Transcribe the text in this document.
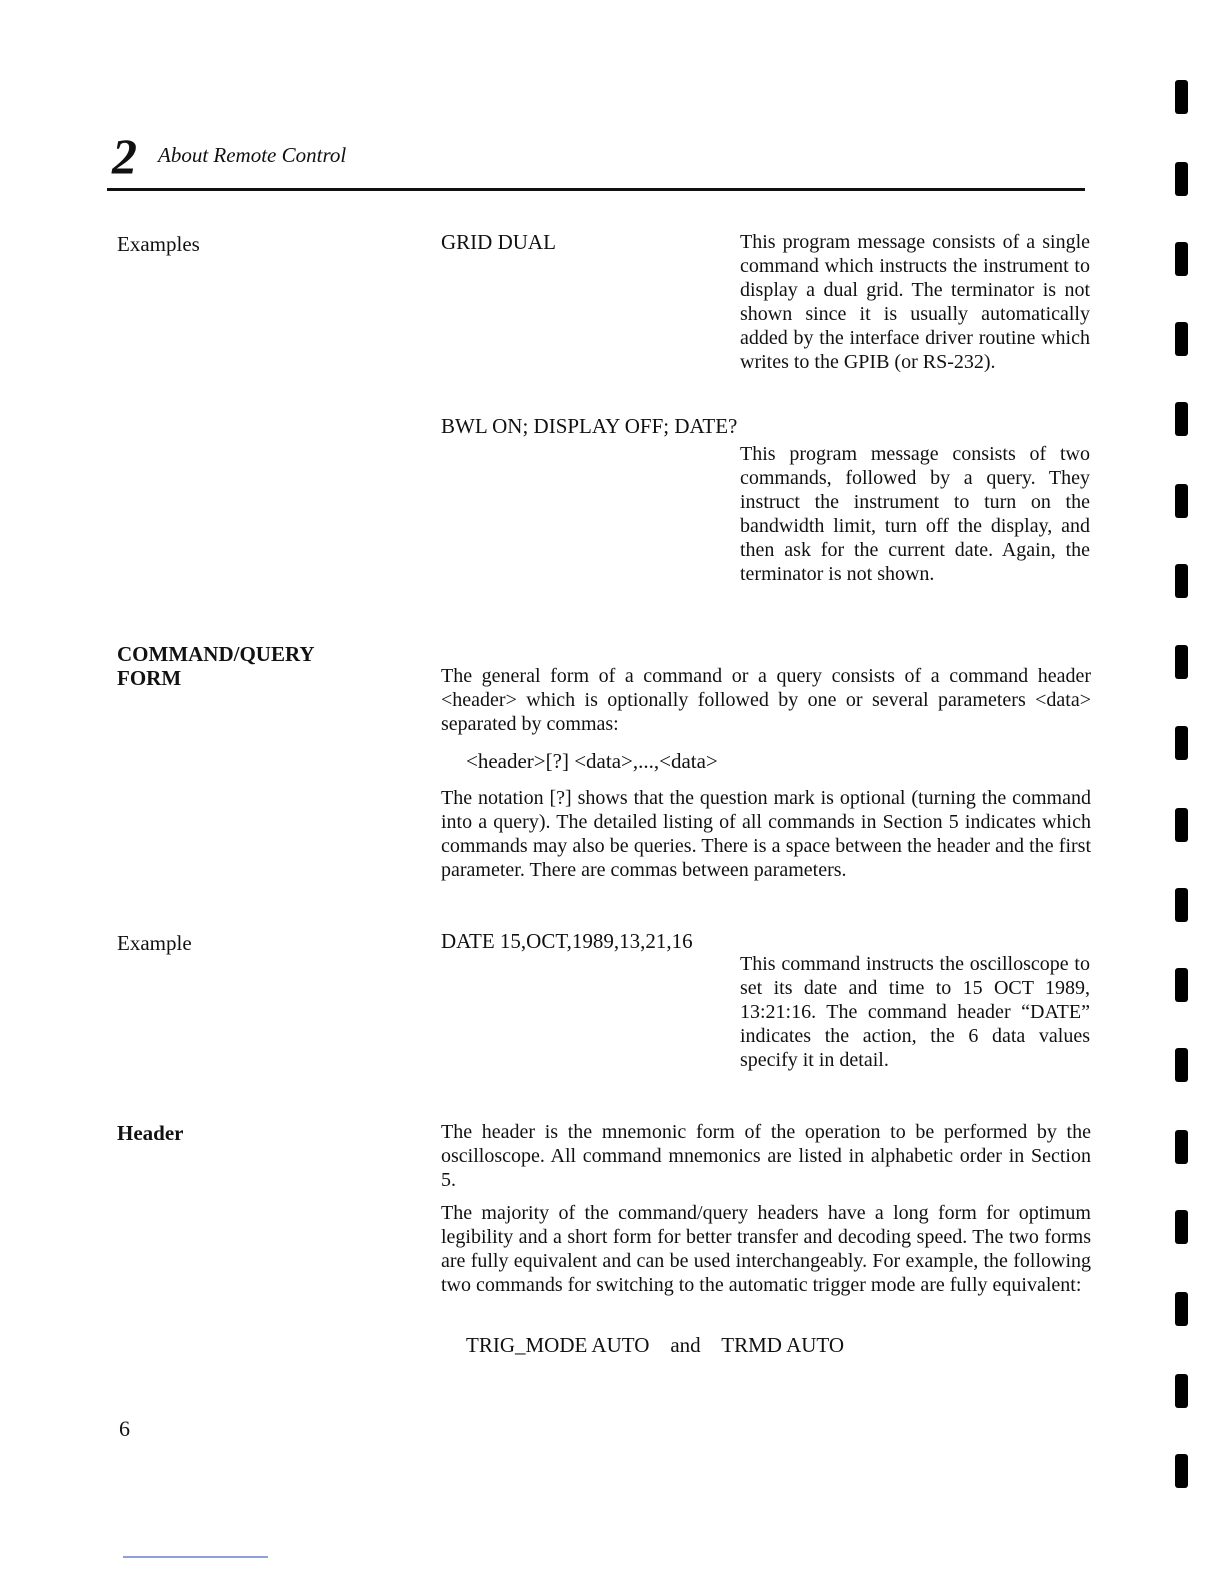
2 About Remote Control
Examples	GRID DUAL	This program message consists of a single command which instructs the instrument to display a dual grid. The terminator is not shown since it is usually automatically added by the interface driver routine which writes to the GPIB (or RS-232).
BWL ON; DISPLAY OFF; DATE?
This program message consists of two commands, followed by a query. They instruct the instrument to turn on the bandwidth limit, turn off the display, and then ask for the current date. Again, the terminator is not shown.
COMMAND/QUERY FORM	The general form of a command or a query consists of a command header <header> which is optionally followed by one or several parameters <data> separated by commas:
<header>[?] <data>,...,<data>
The notation [?] shows that the question mark is optional (turning the command into a query). The detailed listing of all commands in Section 5 indicates which commands may also be queries. There is a space between the header and the first parameter. There are commas between parameters.
Example	DATE 15,OCT,1989,13,21,16
This command instructs the oscilloscope to set its date and time to 15 OCT 1989, 13:21:16. The command header “DATE” indicates the action, the 6 data values specify it in detail.
Header	The header is the mnemonic form of the operation to be performed by the oscilloscope. All command mnemonics are listed in alphabetic order in Section 5.
The majority of the command/query headers have a long form for optimum legibility and a short form for better transfer and decoding speed. The two forms are fully equivalent and can be used interchangeably. For example, the following two commands for switching to the automatic trigger mode are fully equivalent:
TRIG_MODE AUTO    and    TRMD AUTO
6
